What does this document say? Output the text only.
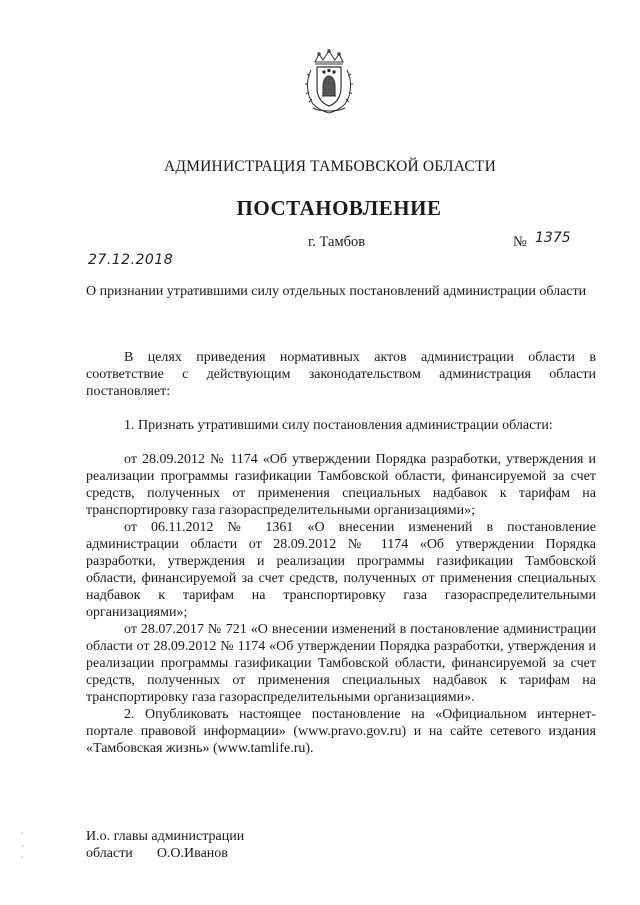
АДМИНИСТРАЦИЯ ТАМБОВСКОЙ ОБЛАСТИ
ПОСТАНОВЛЕНИЕ
27.12.2018
г. Тамбов	№ 1375
О признании утратившими силу отдельных постановлений администрации области

В целях приведения нормативных актов администрации области в соответствие с действующим законодательством администрация области постановляет:

1. Признать утратившими силу постановления администрации области:

от 28.09.2012 № 1174 «Об утверждении Порядка разработки, утверждения и реализации программы газификации Тамбовской области, финансируемой за счет средств, полученных от применения специальных надбавок к тарифам на транспортировку газа газораспределительными организациями»;

от 06.11.2012 № 1361 «О внесении изменений в постановление администрации области от 28.09.2012 № 1174 «Об утверждении Порядка разработки, утверждения и реализации программы газификации Тамбовской области, финансируемой за счет средств, полученных от применения специальных надбавок к тарифам на транспортировку газа газораспределительными организациями»;

от 28.07.2017 № 721 «О внесении изменений в постановление администрации области от 28.09.2012 № 1174 «Об утверждении Порядка разработки, утверждения и реализации программы газификации Тамбовской области, финансируемой за счет средств, полученных от применения специальных надбавок к тарифам на транспортировку газа газораспределительными организациями».

2. Опубликовать настоящее постановление на «Официальном интернет-портале правовой информации» (www.pravo.gov.ru) и на сайте сетевого издания «Тамбовская жизнь» (www.tamlife.ru).

И.о. главы администрации
области О.О.Иванов
